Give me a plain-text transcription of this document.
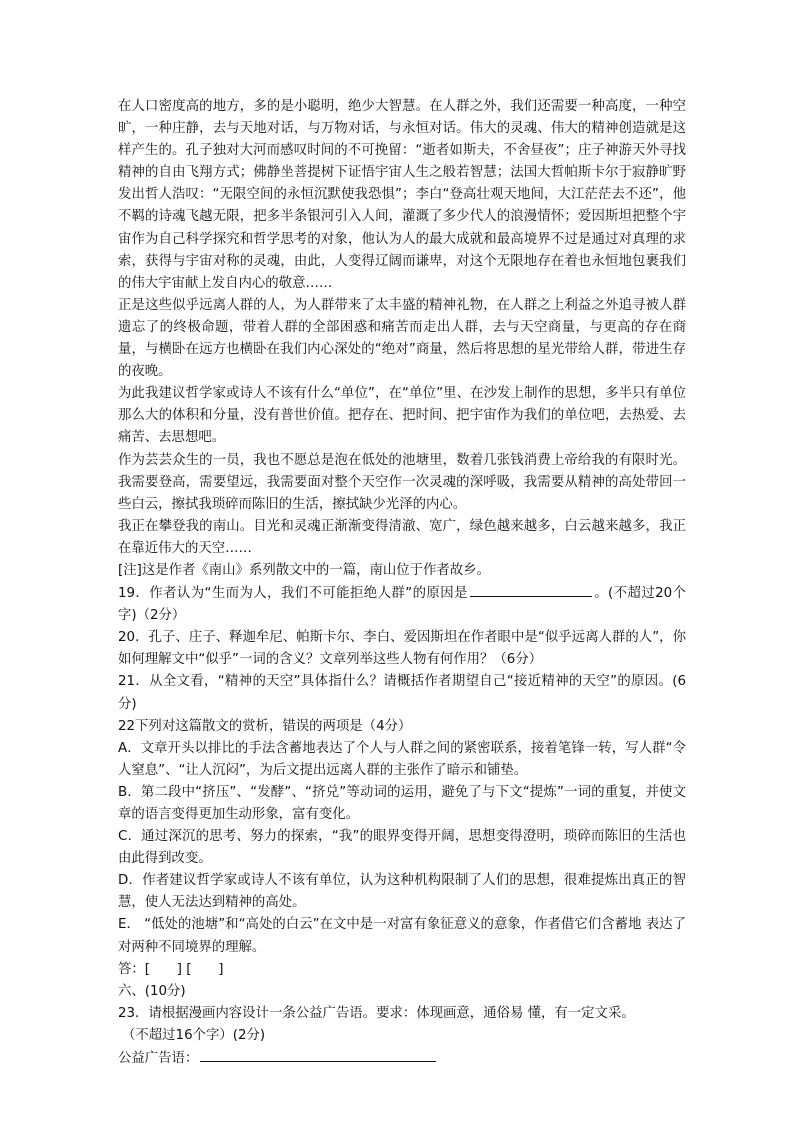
在人口密度高的地方，多的是小聪明，绝少大智慧。在人群之外，我们还需要一种高度，一种空旷，一种庄静，去与天地对话，与万物对话，与永恒对话。伟大的灵魂、伟大的精神创造就是这样产生的。孔子独对大河而感叹时间的不可挽留：“逝者如斯夫，不舍昼夜”；庄子神游天外寻找精神的自由飞翔方式；佛静坐菩提树下证悟宇宙人生之般若智慧；法国大哲帕斯卡尔于寂静旷野发出哲人浩叹：“无限空间的永恒沉默使我恐惧”；李白“登高壮观天地间，大江茫茫去不还”，他不羁的诗魂飞越无限，把多半条银河引入人间，灌溉了多少代人的浪漫情怀；爱因斯坦把整个宇宙作为自己科学探究和哲学思考的对象，他认为人的最大成就和最高境界不过是通过对真理的求索，获得与宇宙对称的灵魂，由此，人变得辽阔而谦卑，对这个无限地存在着也永恒地包裹我们的伟大宇宙献上发自内心的敬意……

正是这些似乎远离人群的人，为人群带来了太丰盛的精神礼物，在人群之上利益之外追寻被人群遗忘了的终极命题，带着人群的全部困惑和痛苦而走出人群，去与天空商量，与更高的存在商量，与横卧在远方也横卧在我们内心深处的“绝对”商量，然后将思想的星光带给人群，带进生存的夜晚。

为此我建议哲学家或诗人不该有什么“单位”，在“单位”里、在沙发上制作的思想，多半只有单位那么大的体积和分量，没有普世价值。把存在、把时间、把宇宙作为我们的单位吧，去热爱、去痛苦、去思想吧。

作为芸芸众生的一员，我也不愿总是泡在低处的池塘里，数着几张钱消费上帝给我的有限时光。我需要登高，需要望远，我需要面对整个天空作一次灵魂的深呼吸，我需要从精神的高处带回一些白云，擦拭我琐碎而陈旧的生活，擦拭缺少光泽的内心。

我正在攀登我的南山。目光和灵魂正渐渐变得清澈、宽广，绿色越来越多，白云越来越多，我正在靠近伟大的天空……

[注]这是作者《南山》系列散文中的一篇，南山位于作者故乡。

19．作者认为“生而为人，我们不可能拒绝人群”的原因是	。(不超过20个字)（2分）

20．孔子、庄子、释迦牟尼、帕斯卡尔、李白、爱因斯坦在作者眼中是“似乎远离人群的人”，你如何理解文中“似乎”一词的含义？文章列举这些人物有何作用？（6分）

21．从全文看，“精神的天空”具体指什么？请概括作者期望自己“接近精神的天空”的原因。(6分)

22下列对这篇散文的赏析，错误的两项是（4分）

A．文章开头以排比的手法含蓄地表达了个人与人群之间的紧密联系，接着笔锋一转，写人群“令人窒息”、“让人沉闷”，为后文提出远离人群的主张作了暗示和铺垫。

B．第二段中“挤压”、“发酵”、“挤兑”等动词的运用，避免了与下文“提炼”一词的重复，并使文章的语言变得更加生动形象，富有变化。

C．通过深沉的思考、努力的探索，“我”的眼界变得开阔，思想变得澄明，琐碎而陈旧的生活也由此得到改变。

D．作者建议哲学家或诗人不该有单位，认为这种机构限制了人们的思想，很难提炼出真正的智慧，使人无法达到精神的高处。

E． “低处的池塘”和“高处的白云”在文中是一对富有象征意义的意象，作者借它们含蓄地 表达了对两种不同境界的理解。

答：[　　] [　　]

六、(10分)

23．请根据漫画内容设计一条公益广告语。要求：体现画意，通俗易 懂，有一定文采。

（不超过16个字）(2分)

公益广告语：
